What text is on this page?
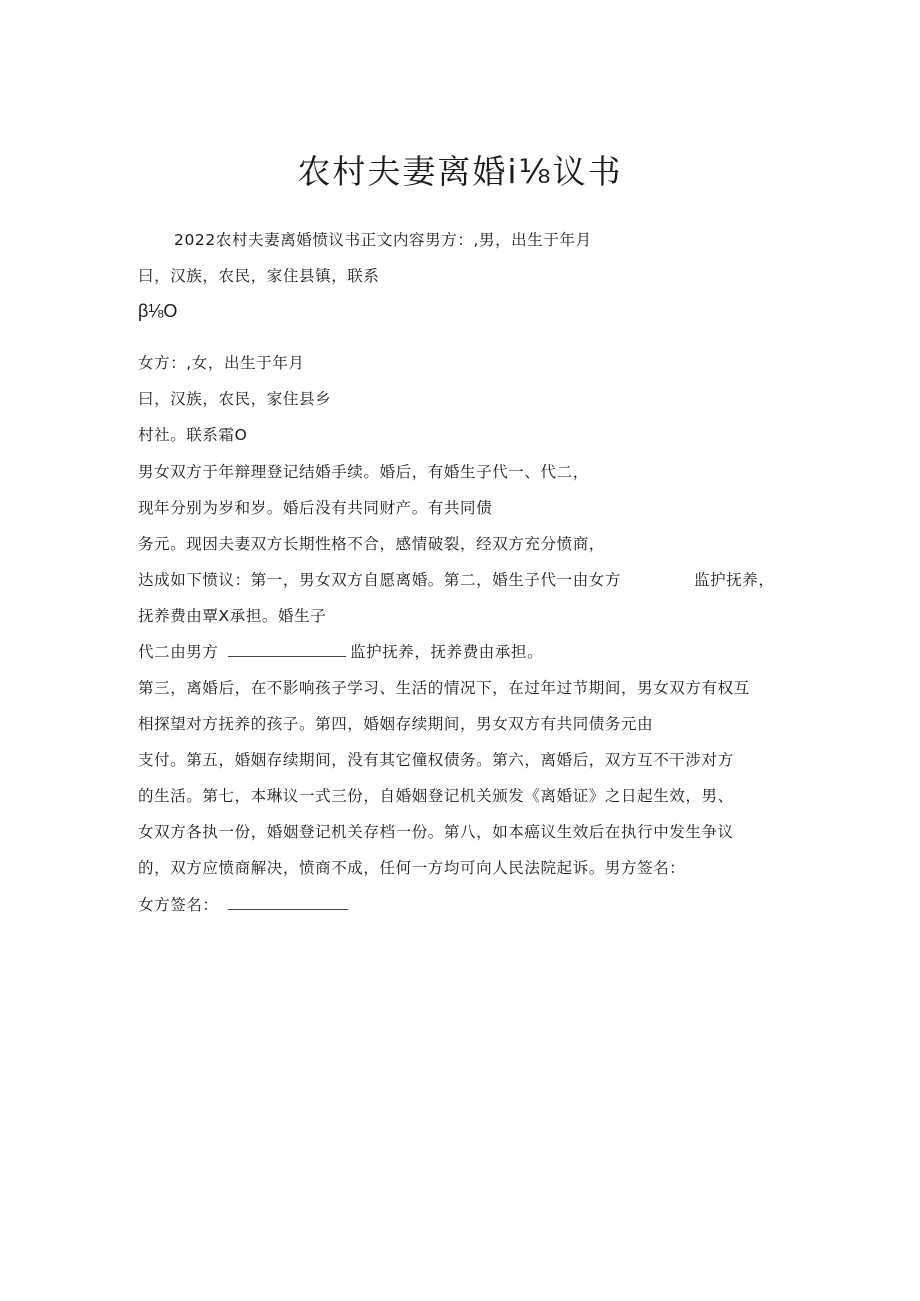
农村夫妻离婚i⅛议书
2022农村夫妻离婚愤议书正文内容男方：,男，出生于年月
曰，汉族，农民，家住县镇，联系
β⅛O
女方：,女，出生于年月
曰，汉族，农民，家住县乡
村社。联系霜O
男女双方于年辩理登记结婚手续。婚后，有婚生子代一、代二，
现年分别为岁和岁。婚后没有共同财产。有共同债
务元。现因夫妻双方长期性格不合，感情破裂，经双方充分愤商，
达成如下愤议：第一，男女双方自愿离婚。第二，婚生子代一由女方	监护抚养，
抚养费由覃X承担。婚生子
代二由男方	监护抚养，抚养费由承担。
第三，离婚后，在不影响孩子学习、生活的情况下，在过年过节期间，男女双方有权互
相探望对方抚养的孩子。第四，婚姻存续期间，男女双方有共同债务元由
支付。第五，婚姻存续期间，没有其它僮权债务。第六，离婚后，双方互不干涉对方
的生活。第七，本琳议一式三份，自婚姻登记机关颁发《离婚证》之日起生效，男、
女双方各执一份，婚姻登记机关存档一份。第八，如本癌议生效后在执行中发生争议
的，双方应愤商解决，愤商不成，任何一方均可向人民法院起诉。男方签名：
女方签名：
